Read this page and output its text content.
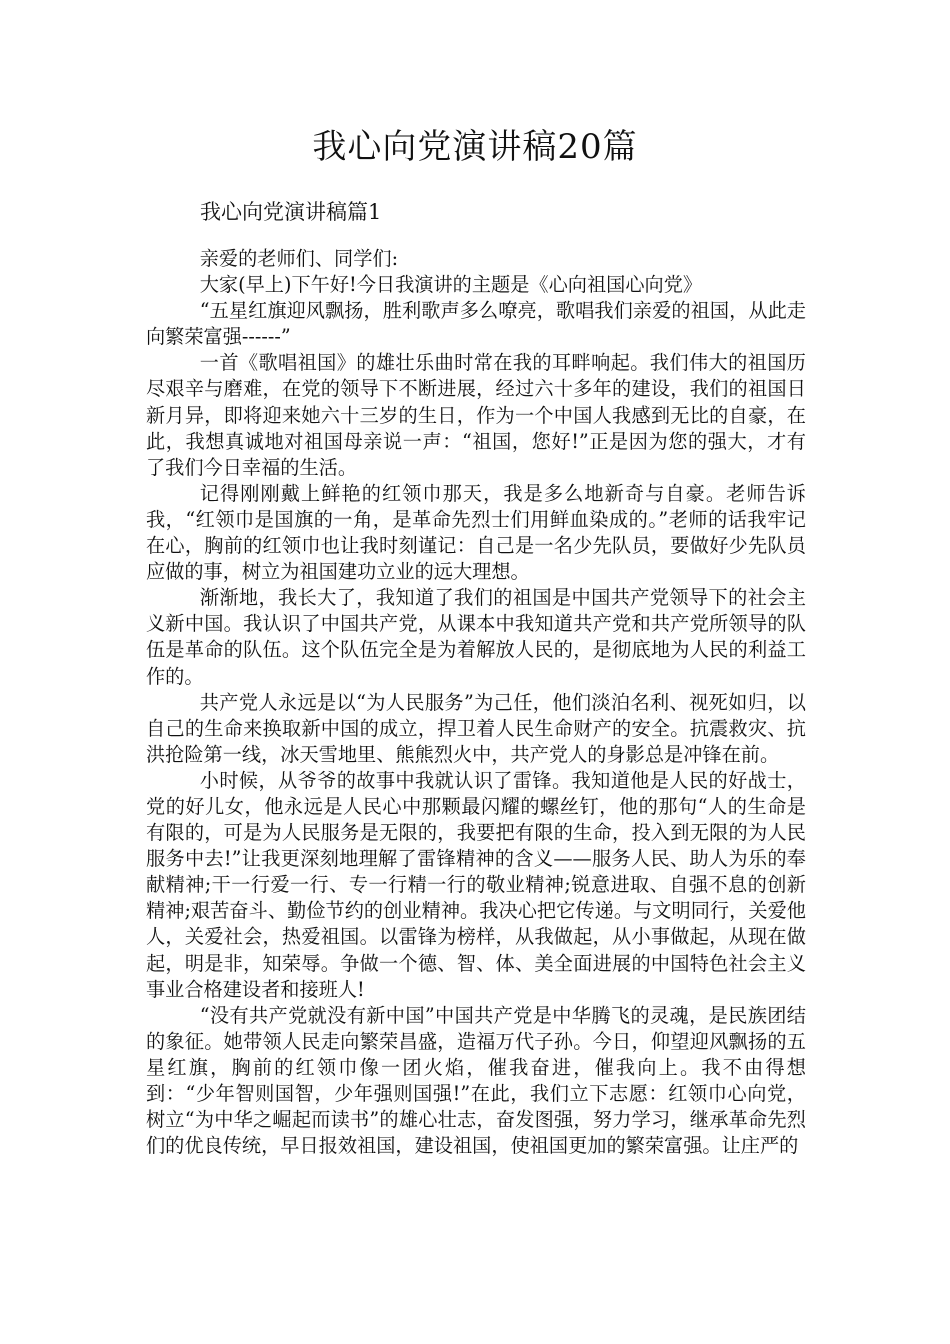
我心向党演讲稿20篇
我心向党演讲稿篇1

亲爱的老师们、同学们:

大家(早上)下午好!今日我演讲的主题是《心向祖国心向党》

“五星红旗迎风飘扬，胜利歌声多么嘹亮，歌唱我们亲爱的祖国，从此走向繁荣富强------”

一首《歌唱祖国》的雄壮乐曲时常在我的耳畔响起。我们伟大的祖国历尽艰辛与磨难，在党的领导下不断进展，经过六十多年的建设，我们的祖国日新月异，即将迎来她六十三岁的生日，作为一个中国人我感到无比的自豪，在此，我想真诚地对祖国母亲说一声：“祖国，您好!”正是因为您的强大，才有了我们今日幸福的生活。

记得刚刚戴上鲜艳的红领巾那天，我是多么地新奇与自豪。老师告诉我，“红领巾是国旗的一角，是革命先烈士们用鲜血染成的。”老师的话我牢记在心，胸前的红领巾也让我时刻谨记：自己是一名少先队员，要做好少先队员应做的事，树立为祖国建功立业的远大理想。

渐渐地，我长大了，我知道了我们的祖国是中国共产党领导下的社会主义新中国。我认识了中国共产党，从课本中我知道共产党和共产党所领导的队伍是革命的队伍。这个队伍完全是为着解放人民的，是彻底地为人民的利益工作的。

共产党人永远是以“为人民服务”为己任，他们淡泊名利、视死如归，以自己的生命来换取新中国的成立，捍卫着人民生命财产的安全。抗震救灾、抗洪抢险第一线，冰天雪地里、熊熊烈火中，共产党人的身影总是冲锋在前。

小时候，从爷爷的故事中我就认识了雷锋。我知道他是人民的好战士，党的好儿女，他永远是人民心中那颗最闪耀的螺丝钉，他的那句“人的生命是有限的，可是为人民服务是无限的，我要把有限的生命，投入到无限的为人民服务中去!”让我更深刻地理解了雷锋精神的含义——服务人民、助人为乐的奉献精神;干一行爱一行、专一行精一行的敬业精神;锐意进取、自强不息的创新精神;艰苦奋斗、勤俭节约的创业精神。我决心把它传递。与文明同行，关爱他人，关爱社会，热爱祖国。以雷锋为榜样，从我做起，从小事做起，从现在做起，明是非，知荣辱。争做一个德、智、体、美全面进展的中国特色社会主义事业合格建设者和接班人!

“没有共产党就没有新中国”中国共产党是中华腾飞的灵魂，是民族团结的象征。她带领人民走向繁荣昌盛，造福万代子孙。今日，仰望迎风飘扬的五星红旗，胸前的红领巾像一团火焰，催我奋进，催我向上。我不由得想到：“少年智则国智，少年强则国强!”在此，我们立下志愿：红领巾心向党，树立“为中华之崛起而读书”的雄心壮志，奋发图强，努力学习，继承革命先烈们的优良传统，早日报效祖国，建设祖国，使祖国更加的繁荣富强。让庄严的
